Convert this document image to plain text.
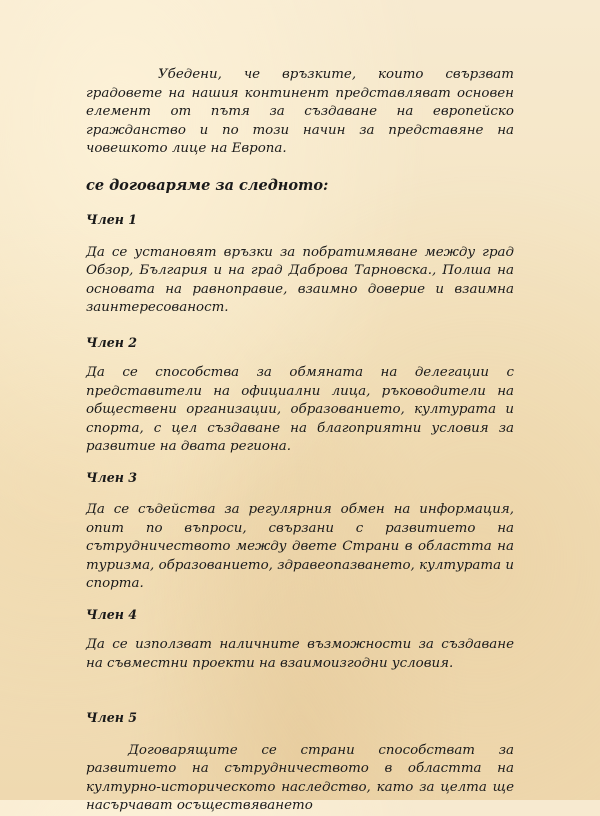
Убедени, че връзките, които свързват градовете на нашия континент представляват основен елемент от пътя за създаване на европейско гражданство и по този начин за представяне на човешкото лице на Европа.

се договаряме за следното:

Член 1

Да се установят връзки за побратимяване между град Обзор, България и на град Даброва Тарновска., Полша на основата на равноправие, взаимно доверие и взаимна заинтересованост.

Член 2

Да се способства за обмяната на делегации с представители на официални лица, ръководители на обществени организации, образованието, културата и спорта, с цел създаване на благоприятни условия за развитие на двата региона.

Член 3

Да се съдейства за регулярния обмен на информация, опит по въпроси, свързани с развитието на сътрудничеството между двете Страни в областта на туризма, образованието, здравеопазването, културата и спорта.

Член 4

Да се използват наличните възможности за създаване на съвместни проекти на взаимоизгодни условия.

Член 5

Договарящите се страни способстват за развитието на сътрудничеството в областта на културно-историческото наследство, като за целта ще насърчават осъществяването
